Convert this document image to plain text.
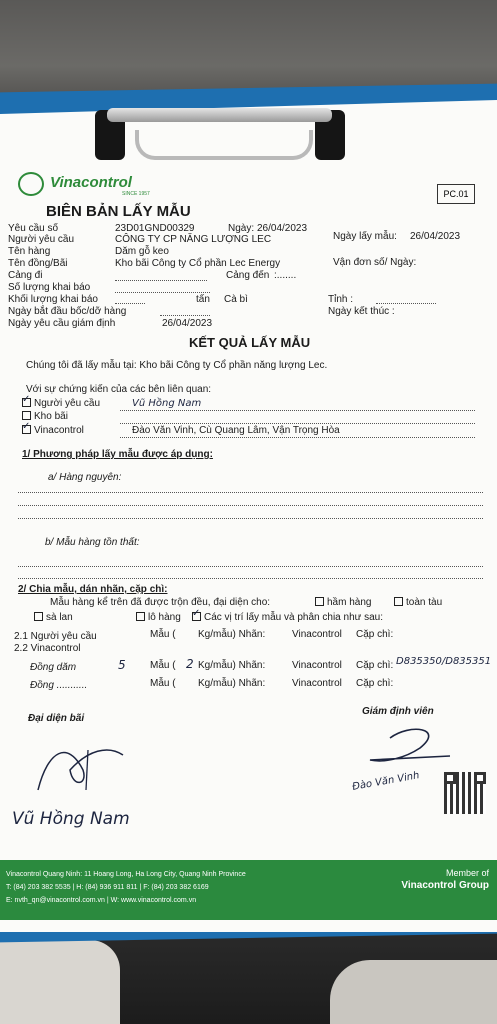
Vinacontrol
SINCE 1957	PC.01
BIÊN BẢN LẤY MẪU
Yêu cầu số	23D01GND00329	Ngày: 26/04/2023
Người yêu cầu	CÔNG TY CP NĂNG LƯỢNG LEC	Ngày lấy mẫu: 26/04/2023
Tên hàng	Dăm gỗ keo
Tên đồng/Bãi	Kho bãi Công ty Cổ phần Lec Energy	Vận đơn số/ Ngày:
Cảng đi	Cảng đến :.......
Số lượng khai báo
Khối lượng khai báo	tấn Cà bì	Tỉnh :
Ngày bắt đầu bốc/dỡ hàng	Ngày kết thúc :
Ngày yêu cầu giám định	26/04/2023
KẾT QUẢ LẤY MẪU
Chúng tôi đã lấy mẫu tại: Kho bãi Công ty Cổ phần năng lượng Lec.
Với sự chứng kiến của các bên liên quan:
✓Người yêu cầu	Vũ Hồng Nam
Kho bãi
✓Vinacontrol	Đào Văn Vinh, Cù Quang Lâm, Vận Trọng Hòa
1/ Phương pháp lấy mẫu được áp dụng:
a/ Hàng nguyên:
b/ Mẫu hàng tồn thất:
2/ Chia mẫu, dán nhãn, cặp chì:
Mẫu hàng kể trên đã được trộn đều, đại diện cho:	hầm hàng	toàn tàu
sà lan	lô hàng
✓	Các vị trí lấy mẫu và phân chia như sau:
2.1 Người yêu cầu	Mẫu ( Kg/mẫu) Nhãn:	Vinacontrol Cặp chì:
2.2 Vinacontrol
Đồng dăm	5 Mẫu ( 2 Kg/mẫu) Nhãn:	Vinacontrol Cặp chì: D835350/D835351
Đồng ...........	Mẫu ( Kg/mẫu) Nhãn:	Vinacontrol Cặp chì:
Đại diện bãi
Giám định viên
Vũ Hồng Nam
Đào Văn Vinh
Vinacontrol Quang Ninh: 11 Hoang Long, Ha Long City, Quang Ninh Province
T: (84) 203 382 5535 | H: (84) 936 911 811 | F: (84) 203 382 6169
E: nvth_qn@vinacontrol.com.vn | W: www.vinacontrol.com.vn
Member of
Vinacontrol Group
